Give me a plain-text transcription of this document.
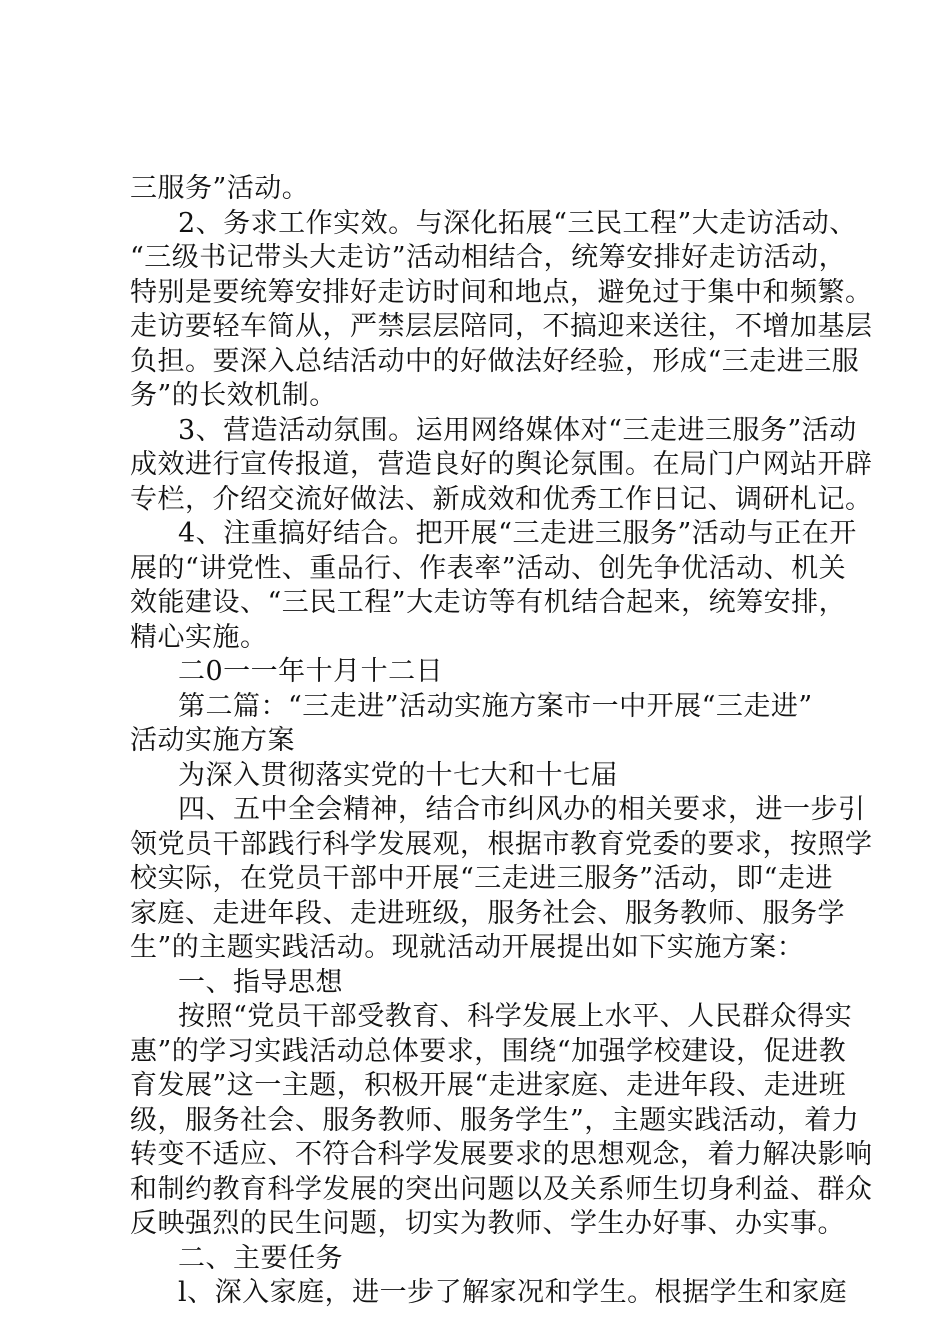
三服务”活动。
2、务求工作实效。与深化拓展“三民工程”大走访活动、
“三级书记带头大走访”活动相结合，统筹安排好走访活动，
特别是要统筹安排好走访时间和地点，避免过于集中和频繁。
走访要轻车简从，严禁层层陪同，不搞迎来送往，不增加基层
负担。要深入总结活动中的好做法好经验，形成“三走进三服
务”的长效机制。
3、营造活动氛围。运用网络媒体对“三走进三服务”活动
成效进行宣传报道，营造良好的舆论氛围。在局门户网站开辟
专栏，介绍交流好做法、新成效和优秀工作日记、调研札记。
4、注重搞好结合。把开展“三走进三服务”活动与正在开
展的“讲党性、重品行、作表率”活动、创先争优活动、机关
效能建设、“三民工程”大走访等有机结合起来，统筹安排，
精心实施。
二0一一年十月十二日
第二篇：“三走进”活动实施方案市一中开展“三走进”
活动实施方案
为深入贯彻落实党的十七大和十七届
四、五中全会精神，结合市纠风办的相关要求，进一步引
领党员干部践行科学发展观，根据市教育党委的要求，按照学
校实际，在党员干部中开展“三走进三服务”活动，即“走进
家庭、走进年段、走进班级，服务社会、服务教师、服务学
生”的主题实践活动。现就活动开展提出如下实施方案：
一、指导思想
按照“党员干部受教育、科学发展上水平、人民群众得实
惠”的学习实践活动总体要求，围绕“加强学校建设，促进教
育发展”这一主题，积极开展“走进家庭、走进年段、走进班
级，服务社会、服务教师、服务学生”，主题实践活动，着力
转变不适应、不符合科学发展要求的思想观念，着力解决影响
和制约教育科学发展的突出问题以及关系师生切身利益、群众
反映强烈的民生问题，切实为教师、学生办好事、办实事。
二、主要任务
l、深入家庭，进一步了解家况和学生。根据学生和家庭
